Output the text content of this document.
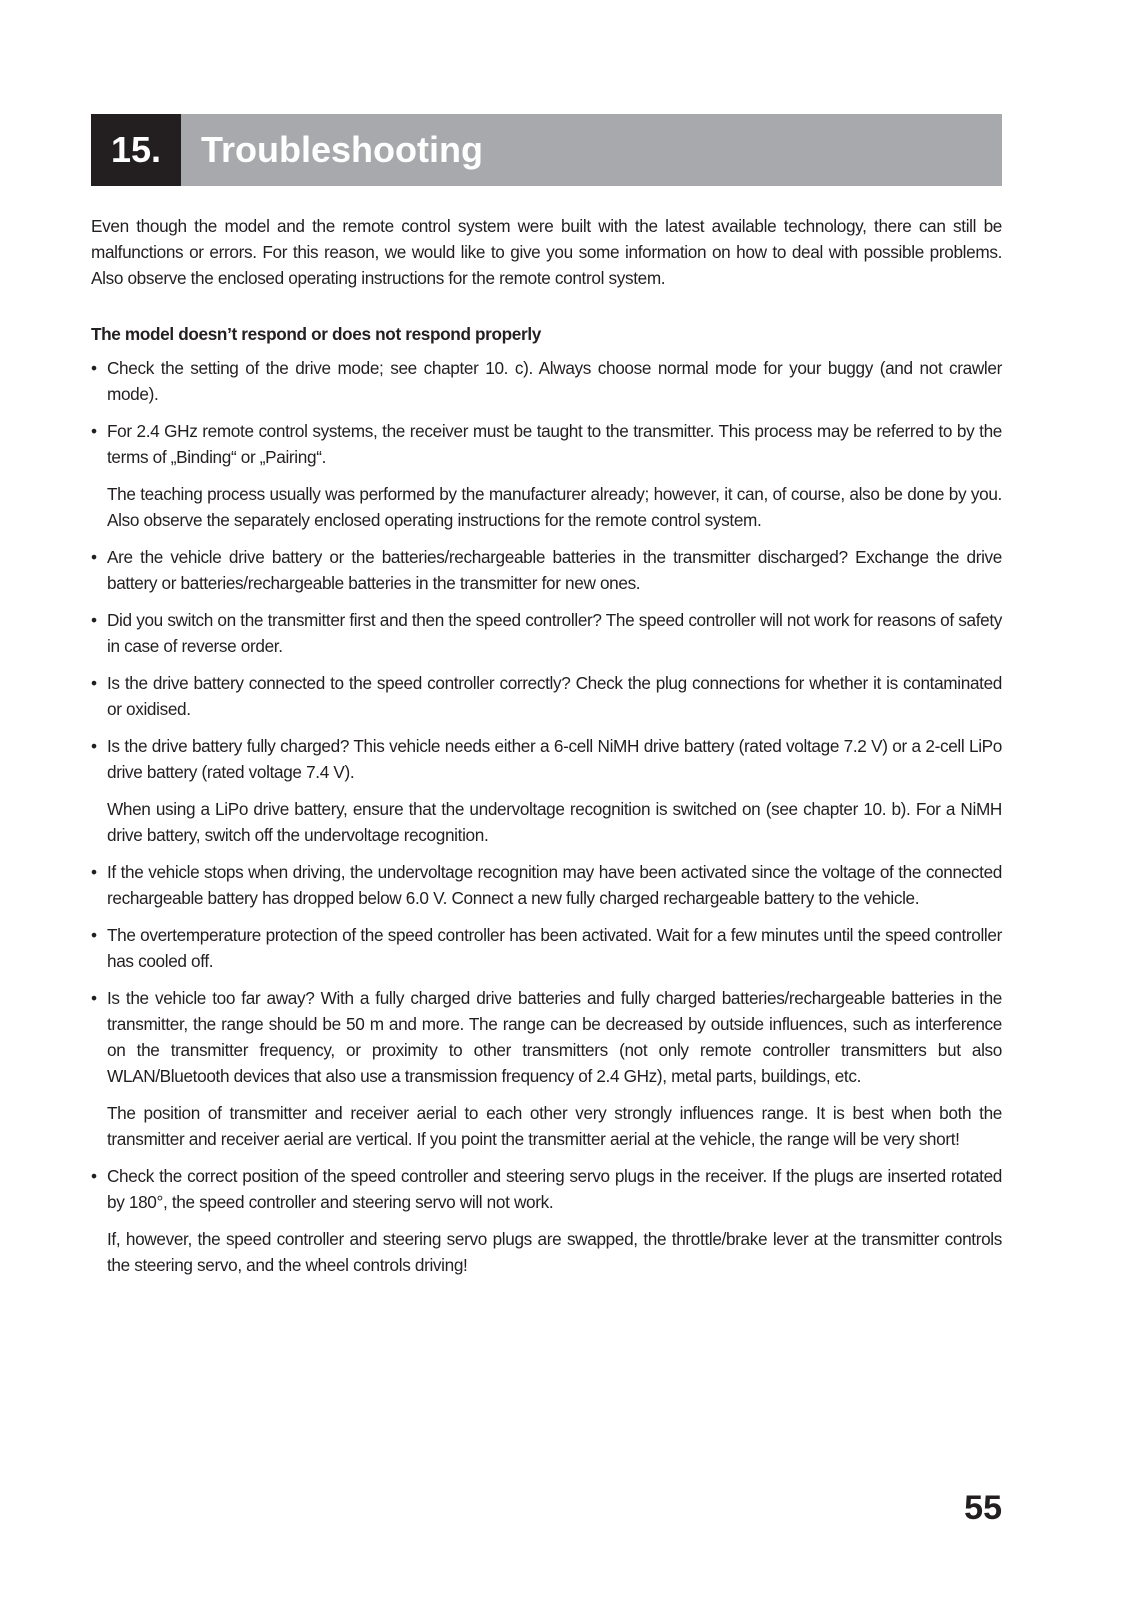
15.	Troubleshooting

Even though the model and the remote control system were built with the latest available technology, there can still be malfunctions or errors. For this reason, we would like to give you some information on how to deal with possible problems. Also observe the enclosed operating instructions for the remote control system.

The model doesn’t respond or does not respond properly
• Check the setting of the drive mode; see chapter 10. c). Always choose normal mode for your buggy (and not crawler mode).

• For 2.4 GHz remote control systems, the receiver must be taught to the transmitter. This process may be referred to by the terms of „Binding“ or „Pairing“.

The teaching process usually was performed by the manufacturer already; however, it can, of course, also be done by you. Also observe the separately enclosed operating instructions for the remote control system.

• Are the vehicle drive battery or the batteries/rechargeable batteries in the transmitter discharged? Exchange the drive battery or batteries/rechargeable batteries in the transmitter for new ones.

• Did you switch on the transmitter first and then the speed controller? The speed controller will not work for reasons of safety in case of reverse order.

• Is the drive battery connected to the speed controller correctly? Check the plug connections for whether it is contaminated or oxidised.

• Is the drive battery fully charged? This vehicle needs either a 6-cell NiMH drive battery (rated voltage 7.2 V) or a 2-cell LiPo drive battery (rated voltage 7.4 V).

When using a LiPo drive battery, ensure that the undervoltage recognition is switched on (see chapter 10. b). For a NiMH drive battery, switch off the undervoltage recognition.

• If the vehicle stops when driving, the undervoltage recognition may have been activated since the voltage of the connected rechargeable battery has dropped below 6.0 V. Connect a new fully charged rechargeable battery to the vehicle.

• The overtemperature protection of the speed controller has been activated. Wait for a few minutes until the speed controller has cooled off.

• Is the vehicle too far away? With a fully charged drive batteries and fully charged batteries/rechargeable batteries in the transmitter, the range should be 50 m and more. The range can be decreased by outside influences, such as interference on the transmitter frequency, or proximity to other transmitters (not only remote controller transmitters but also WLAN/Bluetooth devices that also use a transmission frequency of 2.4 GHz), metal parts, buildings, etc.

The position of transmitter and receiver aerial to each other very strongly influences range. It is best when both the transmitter and receiver aerial are vertical. If you point the transmitter aerial at the vehicle, the range will be very short!

• Check the correct position of the speed controller and steering servo plugs in the receiver. If the plugs are inserted rotated by 180°, the speed controller and steering servo will not work.

If, however, the speed controller and steering servo plugs are swapped, the throttle/brake lever at the transmitter controls the steering servo, and the wheel controls driving!

55
